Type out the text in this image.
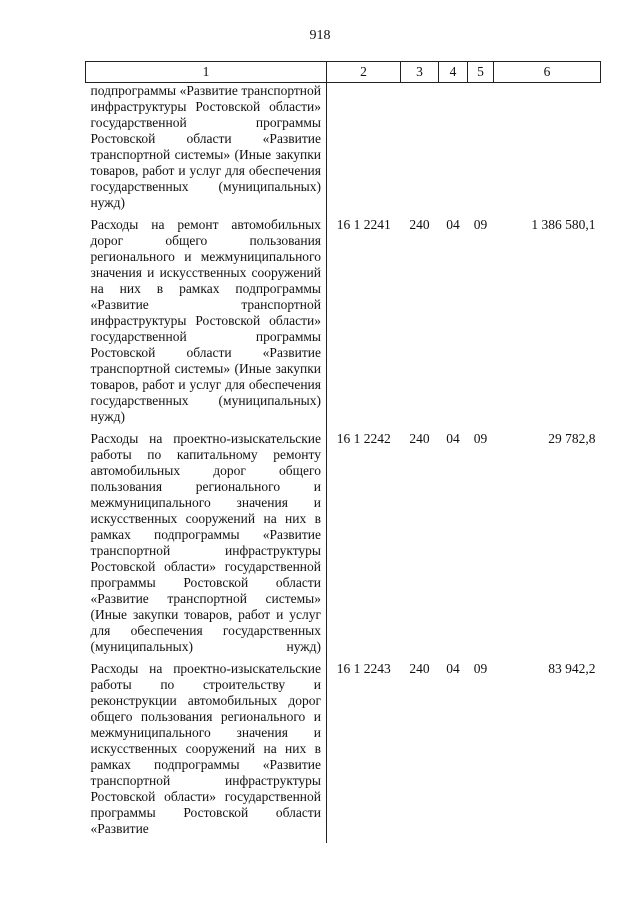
918
1	2	3	4	5	6
подпрограммы «Развитие транспортной инфраструктуры Ростовской области» государственной программы Ростовской области «Развитие транспортной системы» (Иные закупки товаров, работ и услуг для обеспечения государственных (муниципальных) нужд)					
Расходы на ремонт автомобильных дорог общего пользования регионального и межмуниципального значения и искусственных сооружений на них в рамках подпрограммы «Развитие транспортной инфраструктуры Ростовской области» государственной программы Ростовской области «Развитие транспортной системы» (Иные закупки товаров, работ и услуг для обеспечения государственных (муниципальных) нужд)	16 1 2241	240	04	09	1 386 580,1
Расходы на проектно-изыскательские работы по капитальному ремонту автомобильных дорог общего пользования регионального и межмуниципального значения и искусственных сооружений на них в рамках подпрограммы «Развитие транспортной инфраструктуры Ростовской области» государственной программы Ростовской области «Развитие транспортной системы» (Иные закупки товаров, работ и услуг для обеспечения государственных (муниципальных) нужд)	16 1 2242	240	04	09	29 782,8
Расходы на проектно-изыскательские работы по строительству и реконструкции автомобильных дорог общего пользования регионального и межмуниципального значения и искусственных сооружений на них в рамках подпрограммы «Развитие транспортной инфраструктуры Ростовской области» государственной программы Ростовской области «Развитие	16 1 2243	240	04	09	83 942,2
